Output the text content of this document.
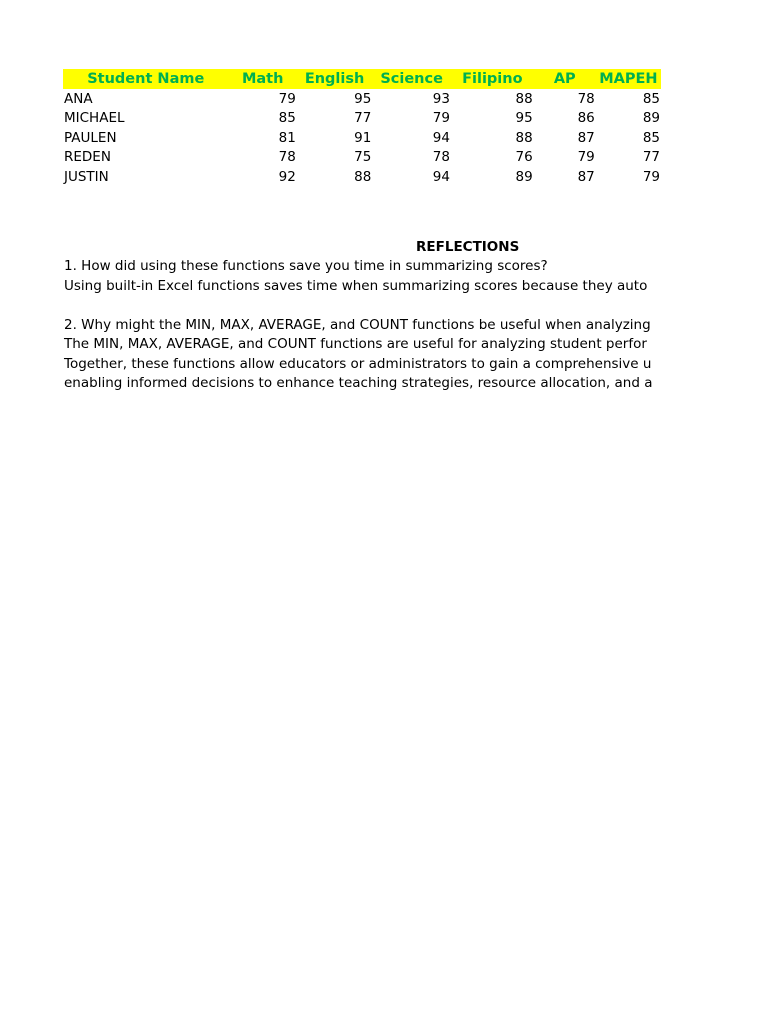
Student Name	Math	English	Science	Filipino	AP	MAPEH
ANA	79	95	93	88	78	85
MICHAEL	85	77	79	95	86	89
PAULEN	81	91	94	88	87	85
REDEN	78	75	78	76	79	77
JUSTIN	92	88	94	89	87	79
REFLECTIONS
1. How did using these functions save you time in summarizing scores?
Using built-in Excel functions saves time when summarizing scores because they auto
2. Why might the MIN, MAX, AVERAGE, and COUNT functions be useful when analyzing
The MIN, MAX, AVERAGE, and COUNT functions are useful for analyzing student perfor
Together, these functions allow educators or administrators to gain a comprehensive u
enabling informed decisions to enhance teaching strategies, resource allocation, and a
